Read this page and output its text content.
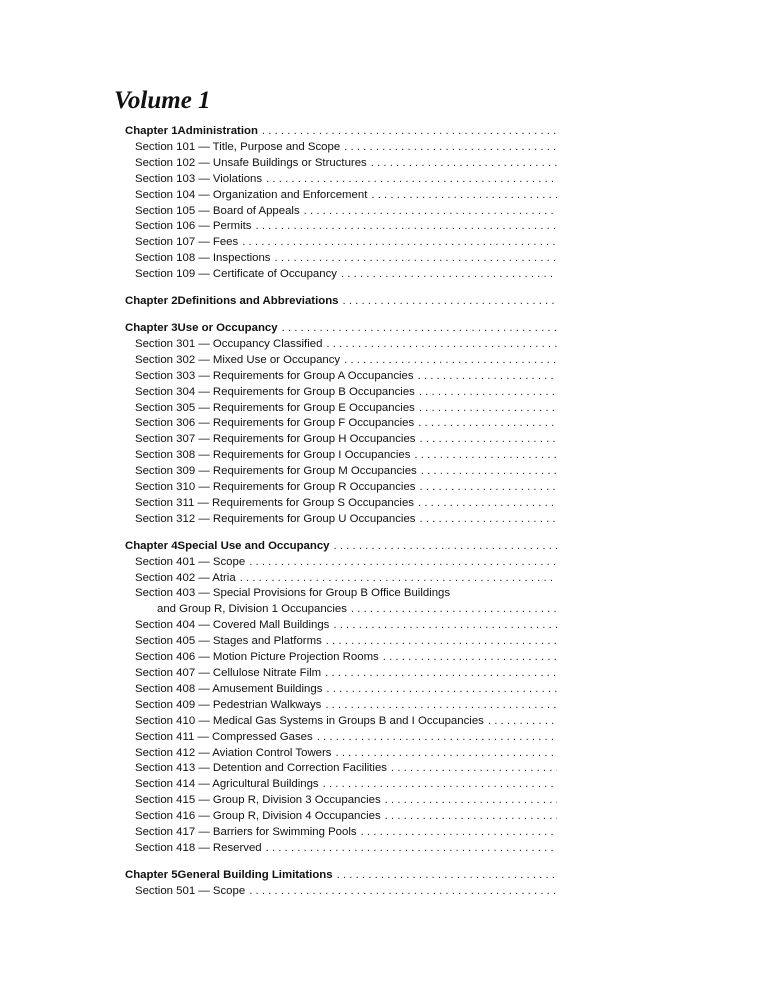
Volume 1
Chapter 1 Administration
. . .
Section 101 — Title, Purpose and Scope
. . .
Section 102 — Unsafe Buildings or Structures
. . .
Section 103 — Violations
. . .
Section 104 — Organization and Enforcement
. . .
Section 105 — Board of Appeals
. . .
Section 106 — Permits
. . .
Section 107 — Fees
. . .
Section 108 — Inspections
. . .
Section 109 — Certificate of Occupancy
. . .
Chapter 2 Definitions and Abbreviations
. . .
Chapter 3 Use or Occupancy
. . .
Section 301 — Occupancy Classified
. . .
Section 302 — Mixed Use or Occupancy
. . .
Section 303 — Requirements for Group A Occupancies
. . .
Section 304 — Requirements for Group B Occupancies
. . .
Section 305 — Requirements for Group E Occupancies
. . .
Section 306 — Requirements for Group F Occupancies
. . .
Section 307 — Requirements for Group H Occupancies
. . .
Section 308 — Requirements for Group I Occupancies
. . .
Section 309 — Requirements for Group M Occupancies
. . .
Section 310 — Requirements for Group R Occupancies
. . .
Section 311 — Requirements for Group S Occupancies
. . .
Section 312 — Requirements for Group U Occupancies
. . .
Chapter 4 Special Use and Occupancy
. . .
Section 401 — Scope
. . .
Section 402 — Atria
. . .
Section 403 — Special Provisions for Group B Office Buildings
and Group R, Division 1 Occupancies
. . .
Section 404 — Covered Mall Buildings
. . .
Section 405 — Stages and Platforms
. . .
Section 406 — Motion Picture Projection Rooms
. . .
Section 407 — Cellulose Nitrate Film
. . .
Section 408 — Amusement Buildings
. . .
Section 409 — Pedestrian Walkways
. . .
Section 410 — Medical Gas Systems in Groups B and I Occupancies
. . .
Section 411 — Compressed Gases
. . .
Section 412 — Aviation Control Towers
. . .
Section 413 — Detention and Correction Facilities
. . .
Section 414 — Agricultural Buildings
. . .
Section 415 — Group R, Division 3 Occupancies
. . .
Section 416 — Group R, Division 4 Occupancies
. . .
Section 417 — Barriers for Swimming Pools
. . .
Section 418 — Reserved
. . .
Chapter 5 General Building Limitations
. . .
Section 501 — Scope
. . .
